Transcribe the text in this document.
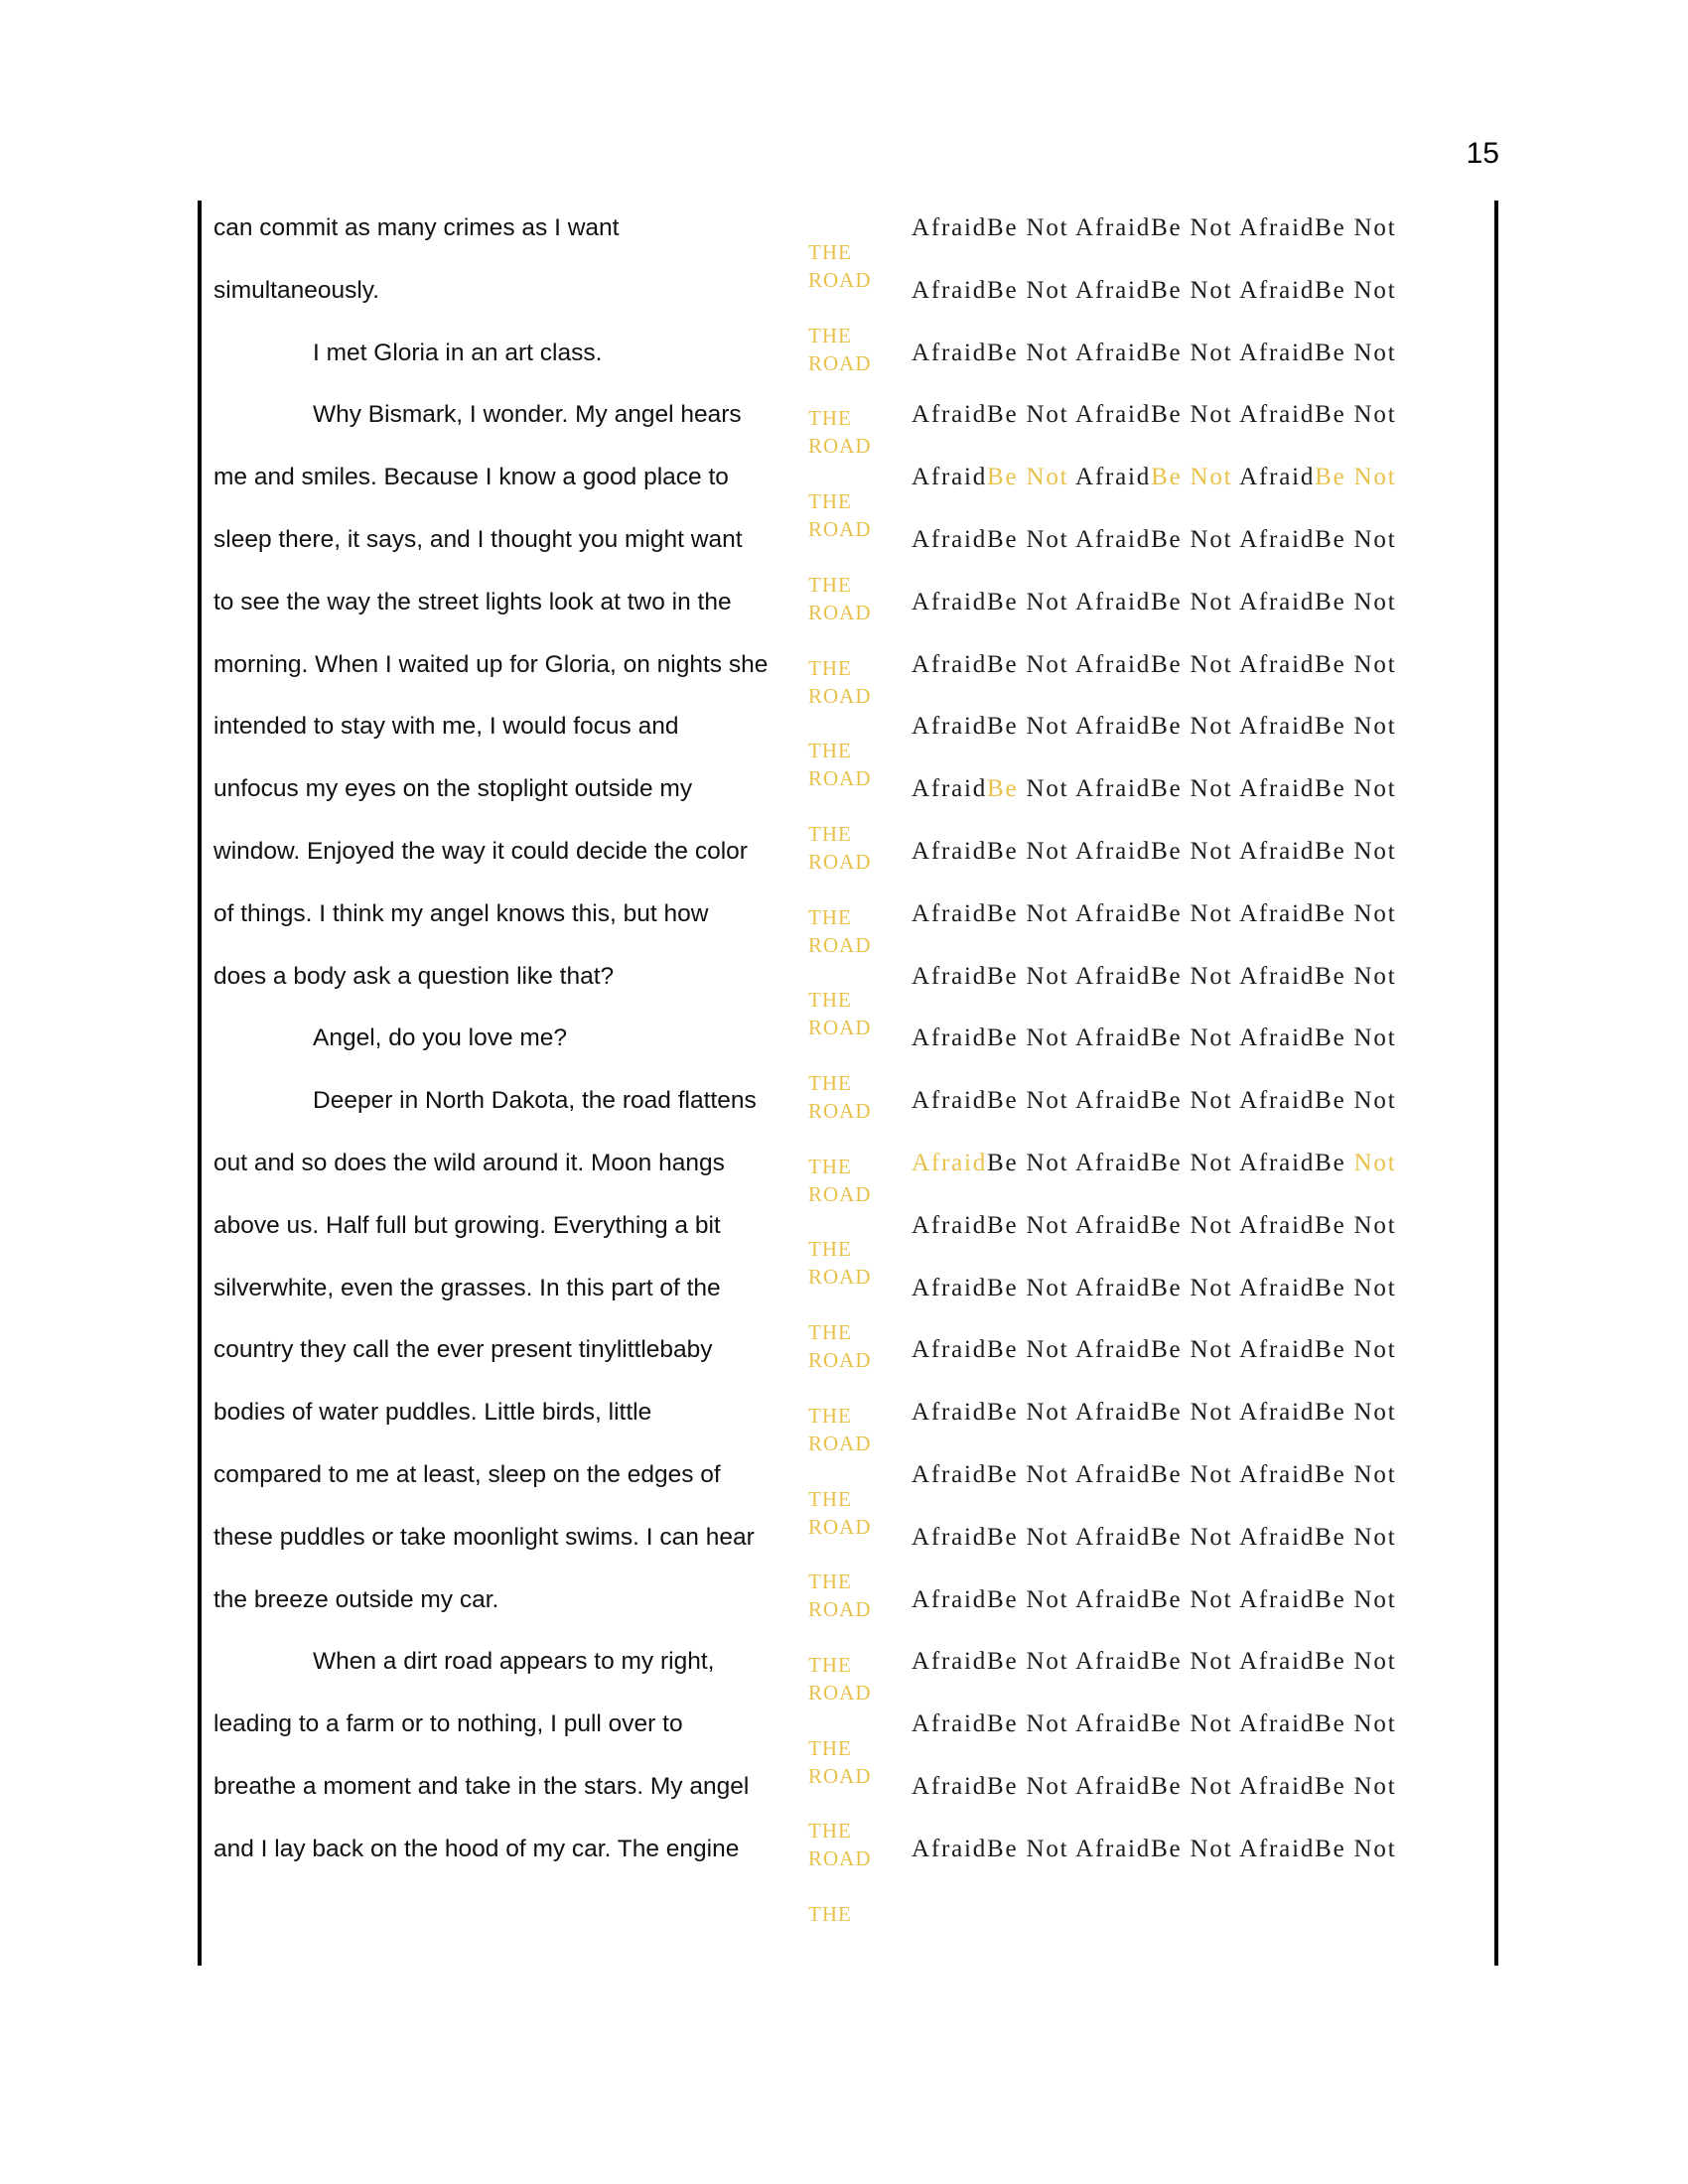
15
can commit as many crimes as I want
simultaneously.
I met Gloria in an art class.
Why Bismark, I wonder. My angel hears
me and smiles. Because I know a good place to
sleep there, it says, and I thought you might want
to see the way the street lights look at two in the
morning. When I waited up for Gloria, on nights she
intended to stay with me, I would focus and
unfocus my eyes on the stoplight outside my
window. Enjoyed the way it could decide the color
of things. I think my angel knows this, but how
does a body ask a question like that?
Angel, do you love me?
Deeper in North Dakota, the road flattens
out and so does the wild around it. Moon hangs
above us. Half full but growing. Everything a bit
silverwhite, even the grasses. In this part of the
country they call the ever present tinylittlebaby
bodies of water puddles. Little birds, little
compared to me at least, sleep on the edges of
these puddles or take moonlight swims. I can hear
the breeze outside my car.
When a dirt road appears to my right,
leading to a farm or to nothing, I pull over to
breathe a moment and take in the stars. My angel
and I lay back on the hood of my car. The engine
THE
ROAD
THE
ROAD
THE
ROAD
THE
ROAD
THE
ROAD
THE
ROAD
THE
ROAD
THE
ROAD
THE
ROAD
THE
ROAD
THE
ROAD
THE
ROAD
THE
ROAD
THE
ROAD
THE
ROAD
THE
ROAD
THE
ROAD
THE
ROAD
THE
ROAD
THE
ROAD
THE
AfraidBe Not AfraidBe Not AfraidBe Not
AfraidBe Not AfraidBe Not AfraidBe Not
AfraidBe Not AfraidBe Not AfraidBe Not
AfraidBe Not AfraidBe Not AfraidBe Not
AfraidBe Not AfraidBe Not AfraidBe Not
AfraidBe Not AfraidBe Not AfraidBe Not
AfraidBe Not AfraidBe Not AfraidBe Not
AfraidBe Not AfraidBe Not AfraidBe Not
AfraidBe Not AfraidBe Not AfraidBe Not
AfraidBe Not AfraidBe Not AfraidBe Not
AfraidBe Not AfraidBe Not AfraidBe Not
AfraidBe Not AfraidBe Not AfraidBe Not
AfraidBe Not AfraidBe Not AfraidBe Not
AfraidBe Not AfraidBe Not AfraidBe Not
AfraidBe Not AfraidBe Not AfraidBe Not
AfraidBe Not AfraidBe Not AfraidBe Not
AfraidBe Not AfraidBe Not AfraidBe Not
AfraidBe Not AfraidBe Not AfraidBe Not
AfraidBe Not AfraidBe Not AfraidBe Not
AfraidBe Not AfraidBe Not AfraidBe Not
AfraidBe Not AfraidBe Not AfraidBe Not
AfraidBe Not AfraidBe Not AfraidBe Not
AfraidBe Not AfraidBe Not AfraidBe Not
AfraidBe Not AfraidBe Not AfraidBe Not
AfraidBe Not AfraidBe Not AfraidBe Not
AfraidBe Not AfraidBe Not AfraidBe Not
AfraidBe Not AfraidBe Not AfraidBe Not
